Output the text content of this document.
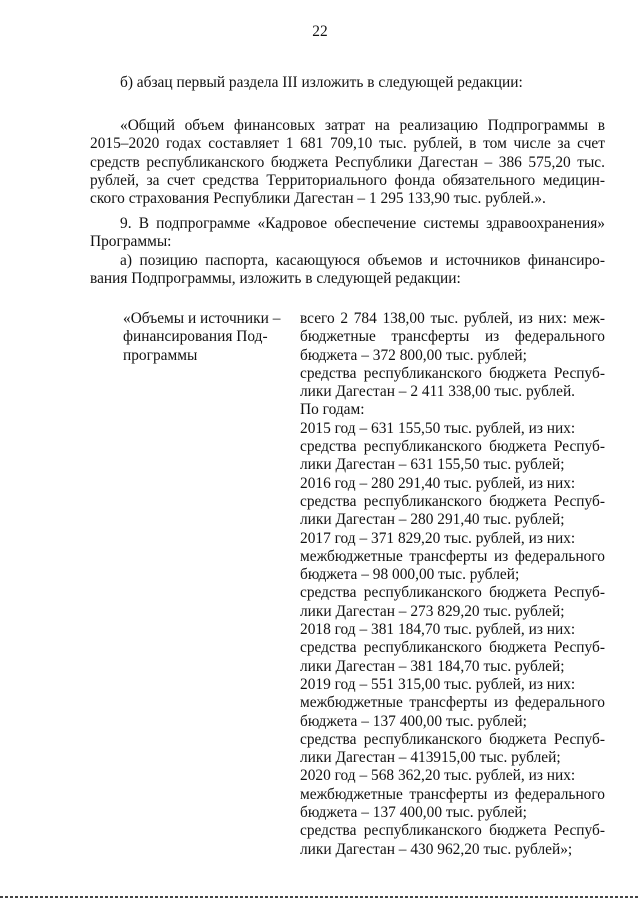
22
б) абзац первый раздела III изложить в следующей редакции:
«Общий объем финансовых затрат на реализацию Подпрограммы в
2015–2020 годах составляет 1 681 709,10 тыс. рублей, в том числе за счет
средств республиканского бюджета Республики Дагестан – 386 575,20 тыс.
рублей, за счет средства Территориального фонда обязательного медицин-
ского страхования Республики Дагестан – 1 295 133,90 тыс. рублей.».
9. В подпрограмме «Кадровое обеспечение системы здравоохранения»
Программы:
а) позицию паспорта, касающуюся объемов и источников финансиро-
вания Подпрограммы, изложить в следующей редакции:
«Объемы и источники –
финансирования Под-
программы
всего 2 784 138,00 тыс. рублей, из них: меж-
бюджетные трансферты из федерального
бюджета – 372 800,00 тыс. рублей;
средства республиканского бюджета Респуб-
лики Дагестан – 2 411 338,00 тыс. рублей.
По годам:
2015 год – 631 155,50 тыс. рублей, из них:
средства республиканского бюджета Респуб-
лики Дагестан – 631 155,50 тыс. рублей;
2016 год – 280 291,40 тыс. рублей, из них:
средства республиканского бюджета Респуб-
лики Дагестан – 280 291,40 тыс. рублей;
2017 год – 371 829,20 тыс. рублей, из них:
межбюджетные трансферты из федерального
бюджета – 98 000,00 тыс. рублей;
средства республиканского бюджета Респуб-
лики Дагестан – 273 829,20 тыс. рублей;
2018 год – 381 184,70 тыс. рублей, из них:
средства республиканского бюджета Респуб-
лики Дагестан – 381 184,70 тыс. рублей;
2019 год – 551 315,00 тыс. рублей, из них:
межбюджетные трансферты из федерального
бюджета – 137 400,00 тыс. рублей;
средства республиканского бюджета Респуб-
лики Дагестан – 413915,00 тыс. рублей;
2020 год – 568 362,20 тыс. рублей, из них:
межбюджетные трансферты из федерального
бюджета – 137 400,00 тыс. рублей;
средства республиканского бюджета Респуб-
лики Дагестан – 430 962,20 тыс. рублей»;
